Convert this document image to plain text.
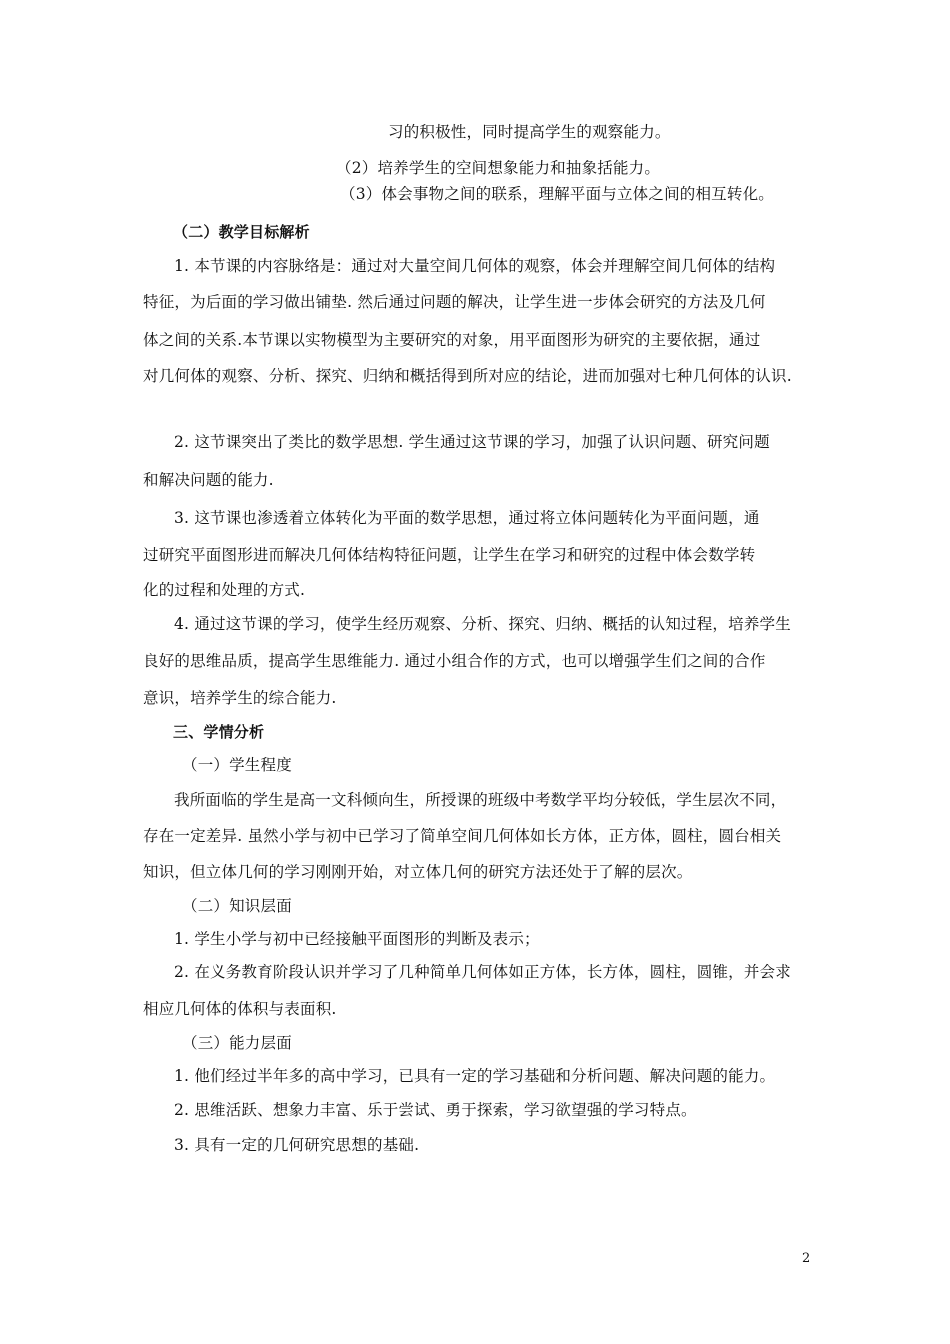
习的积极性，同时提高学生的观察能力。
（2）培养学生的空间想象能力和抽象括能力。
（3）体会事物之间的联系，理解平面与立体之间的相互转化。
（二）教学目标解析
1. 本节课的内容脉络是：通过对大量空间几何体的观察，体会并理解空间几何体的结构
特征，为后面的学习做出铺垫. 然后通过问题的解决，让学生进一步体会研究的方法及几何
体之间的关系.本节课以实物模型为主要研究的对象，用平面图形为研究的主要依据，通过
对几何体的观察、分析、探究、归纳和概括得到所对应的结论，进而加强对七种几何体的认识.
2. 这节课突出了类比的数学思想. 学生通过这节课的学习，加强了认识问题、研究问题
和解决问题的能力.
3. 这节课也渗透着立体转化为平面的数学思想，通过将立体问题转化为平面问题，通
过研究平面图形进而解决几何体结构特征问题，让学生在学习和研究的过程中体会数学转
化的过程和处理的方式.
4. 通过这节课的学习，使学生经历观察、分析、探究、归纳、概括的认知过程，培养学生
良好的思维品质，提高学生思维能力. 通过小组合作的方式，也可以增强学生们之间的合作
意识，培养学生的综合能力.
三、学情分析
（一）学生程度
我所面临的学生是高一文科倾向生，所授课的班级中考数学平均分较低，学生层次不同，
存在一定差异. 虽然小学与初中已学习了简单空间几何体如长方体，正方体，圆柱，圆台相关
知识，但立体几何的学习刚刚开始，对立体几何的研究方法还处于了解的层次。
（二）知识层面
1. 学生小学与初中已经接触平面图形的判断及表示；
2. 在义务教育阶段认识并学习了几种简单几何体如正方体，长方体，圆柱，圆锥，并会求
相应几何体的体积与表面积.
（三）能力层面
1. 他们经过半年多的高中学习，已具有一定的学习基础和分析问题、解决问题的能力。
2. 思维活跃、想象力丰富、乐于尝试、勇于探索，学习欲望强的学习特点。
3. 具有一定的几何研究思想的基础.
2
